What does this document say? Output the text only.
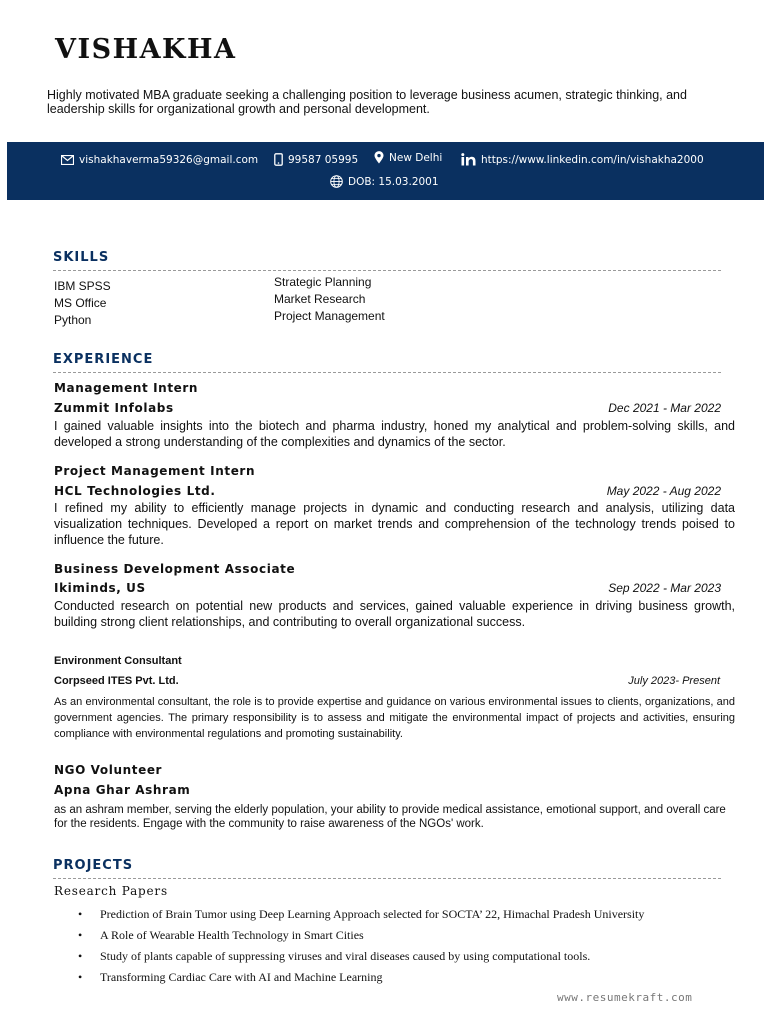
VISHAKHA
Highly motivated MBA graduate seeking a challenging position to leverage business acumen, strategic thinking, and leadership skills for organizational growth and personal development.
vishakhaverma59326@gmail.com	99587 05995	New Delhi	https://www.linkedin.com/in/vishakha2000
DOB: 15.03.2001
SKILLS
IBM SPSS
MS Office
Python
Strategic Planning
Market Research
Project Management
EXPERIENCE
Management Intern
Zummit Infolabs	Dec 2021 - Mar 2022
I gained valuable insights into the biotech and pharma industry, honed my analytical and problem-solving skills, and developed a strong understanding of the complexities and dynamics of the sector.
Project Management Intern
HCL Technologies Ltd.	May 2022 - Aug 2022
I refined my ability to efficiently manage projects in dynamic and conducting research and analysis, utilizing data visualization techniques. Developed a report on market trends and comprehension of the technology trends poised to influence the future.
Business Development Associate
Ikiminds, US	Sep 2022 - Mar 2023
Conducted research on potential new products and services, gained valuable experience in driving business growth, building strong client relationships, and contributing to overall organizational success.
Environment Consultant
Corpseed ITES Pvt. Ltd.	July 2023- Present
As an environmental consultant, the role is to provide expertise and guidance on various environmental issues to clients, organizations, and government agencies. The primary responsibility is to assess and mitigate the environmental impact of projects and activities, ensuring compliance with environmental regulations and promoting sustainability.
NGO Volunteer
Apna Ghar Ashram
as an ashram member, serving the elderly population, your ability to provide medical assistance, emotional support, and overall care for the residents. Engage with the community to raise awareness of the NGOs' work.
PROJECTS
Research Papers
• Prediction of Brain Tumor using Deep Learning Approach selected for SOCTA’ 22, Himachal Pradesh University
• A Role of Wearable Health Technology in Smart Cities
• Study of plants capable of suppressing viruses and viral diseases caused by using computational tools.
• Transforming Cardiac Care with AI and Machine Learning
www.resumekraft.com
